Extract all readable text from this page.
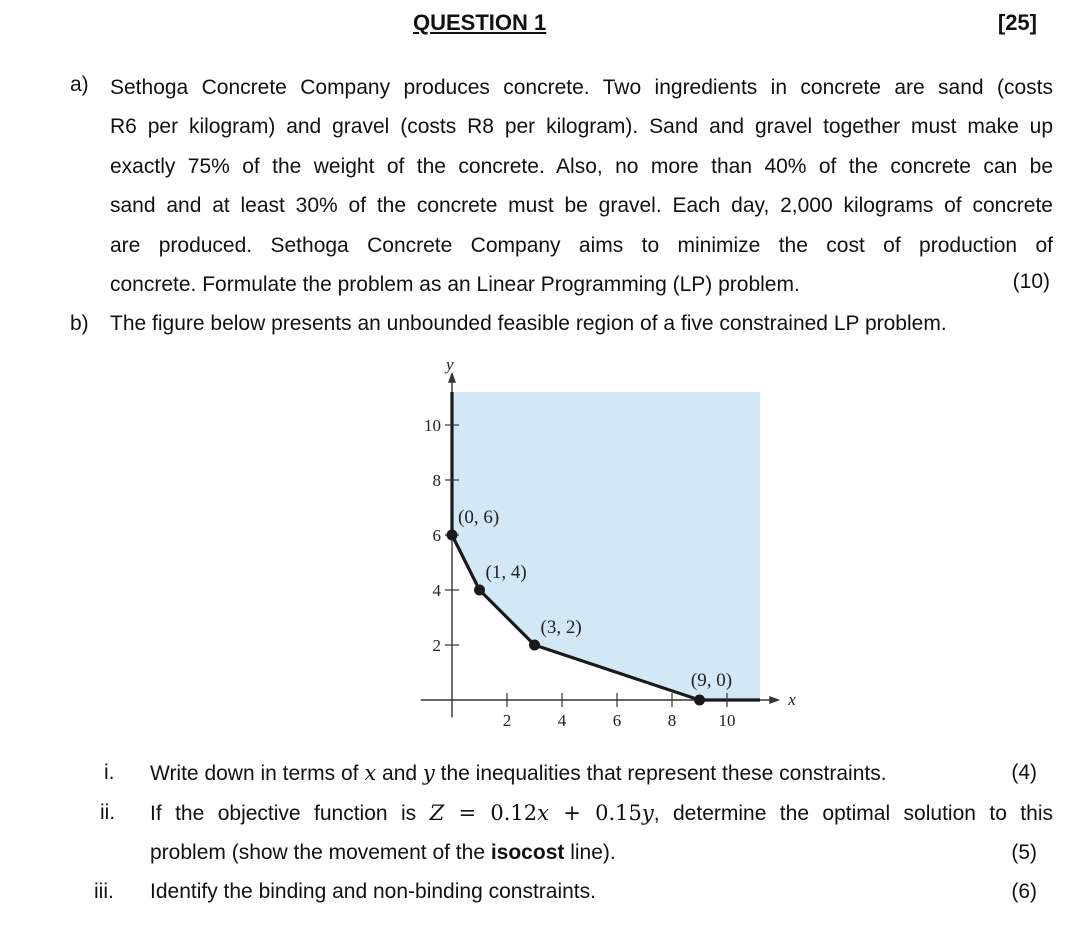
QUESTION 1	[25]
a) Sethoga Concrete Company produces concrete. Two ingredients in concrete are sand (costs
R6 per kilogram) and gravel (costs R8 per kilogram). Sand and gravel together must make up
exactly 75% of the weight of the concrete. Also, no more than 40% of the concrete can be
sand and at least 30% of the concrete must be gravel. Each day, 2,000 kilograms of concrete
are produced. Sethoga Concrete Company aims to minimize the cost of production of
concrete. Formulate the problem as an Linear Programming (LP) problem.	(10)
b) The figure below presents an unbounded feasible region of a five constrained LP problem.
x
y
2	4	6	8 10
2
4
6
8
10
(0, 6)
(1, 4)
(3, 2)
(9, 0)
i. Write down in terms of x and y the inequalities that represent these constraints.	(4)
ii. If the objective function is Z = 0.12x + 0.15y, determine the optimal solution to this
problem (show the movement of the isocost line).	(5)
iii. Identify the binding and non-binding constraints.	(6)
